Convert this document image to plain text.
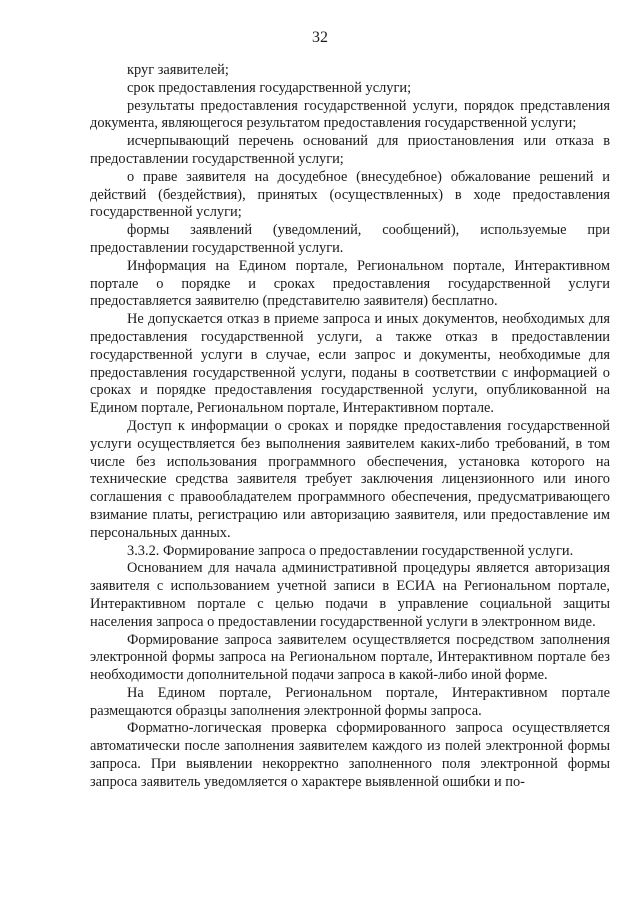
32

круг заявителей;

срок предоставления государственной услуги;

результаты предоставления государственной услуги, порядок представления документа, являющегося результатом предоставления государственной услуги;

исчерпывающий перечень оснований для приостановления или отказа в предоставлении государственной услуги;

о праве заявителя на досудебное (внесудебное) обжалование решений и действий (бездействия), принятых (осуществленных) в ходе предоставления государственной услуги;

формы заявлений (уведомлений, сообщений), используемые при предоставлении государственной услуги.

Информация на Едином портале, Региональном портале, Интерактивном портале о порядке и сроках предоставления государственной услуги предоставляется заявителю (представителю заявителя) бесплатно.

Не допускается отказ в приеме запроса и иных документов, необходимых для предоставления государственной услуги, а также отказ в предоставлении государственной услуги в случае, если запрос и документы, необходимые для предоставления государственной услуги, поданы в соответствии с информацией о сроках и порядке предоставления государственной услуги, опубликованной на Едином портале, Региональном портале, Интерактивном портале.

Доступ к информации о сроках и порядке предоставления государственной услуги осуществляется без выполнения заявителем каких-либо требований, в том числе без использования программного обеспечения, установка которого на технические средства заявителя требует заключения лицензионного или иного соглашения с правообладателем программного обеспечения, предусматривающего взимание платы, регистрацию или авторизацию заявителя, или предоставление им персональных данных.

3.3.2. Формирование запроса о предоставлении государственной услуги.

Основанием для начала административной процедуры является авторизация заявителя с использованием учетной записи в ЕСИА на Региональном портале, Интерактивном портале с целью подачи в управление социальной защиты населения запроса о предоставлении государственной услуги в электронном виде.

Формирование запроса заявителем осуществляется посредством заполнения электронной формы запроса на Региональном портале, Интерактивном портале без необходимости дополнительной подачи запроса в какой-либо иной форме.

На Едином портале, Региональном портале, Интерактивном портале размещаются образцы заполнения электронной формы запроса.

Форматно-логическая проверка сформированного запроса осуществляется автоматически после заполнения заявителем каждого из полей электронной формы запроса. При выявлении некорректно заполненного поля электронной формы запроса заявитель уведомляется о характере выявленной ошибки и по-
